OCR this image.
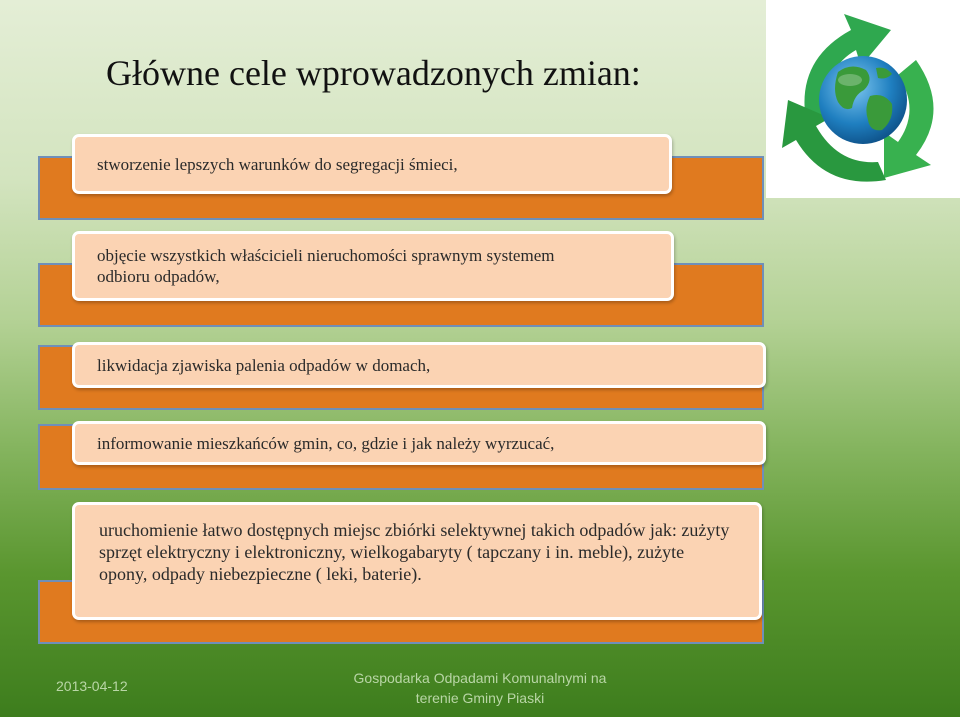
Główne cele wprowadzonych zmian:
stworzenie lepszych warunków do segregacji śmieci,
objęcie wszystkich właścicieli nieruchomości sprawnym systemem odbioru odpadów,
likwidacja zjawiska palenia odpadów w domach,
informowanie mieszkańców gmin, co, gdzie i jak należy wyrzucać,
uruchomienie łatwo dostępnych miejsc zbiórki selektywnej takich odpadów jak: zużyty sprzęt elektryczny i elektroniczny, wielkogabaryty ( tapczany i in. meble), zużyte opony, odpady niebezpieczne ( leki, baterie).
2013-04-12	Gospodarka Odpadami Komunalnymi na
terenie Gminy Piaski
